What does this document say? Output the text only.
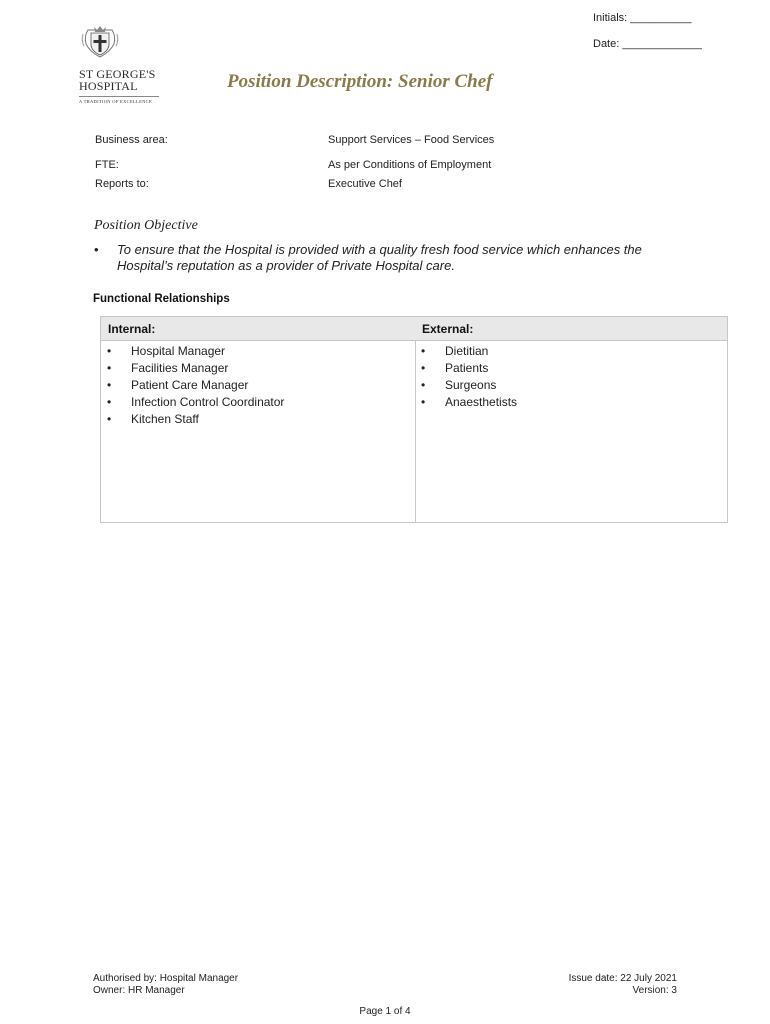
Initials: __________
Date: _____________
ST GEORGE'S
HOSPITAL
A TRADITION OF EXCELLENCE
Position Description: Senior Chef
Business area:	Support Services – Food Services
FTE:	As per Conditions of Employment
Reports to:	Executive Chef
Position Objective
• To ensure that the Hospital is provided with a quality fresh food service which enhances the Hospital’s reputation as a provider of Private Hospital care.
Functional Relationships
Internal:
• Hospital Manager
• Facilities Manager
• Patient Care Manager
• Infection Control Coordinator
• Kitchen Staff
External:
• Dietitian
• Patients
• Surgeons
• Anaesthetists
Authorised by: Hospital Manager
Owner: HR Manager
Issue date: 22 July 2021
Version: 3
Page 1 of 4
